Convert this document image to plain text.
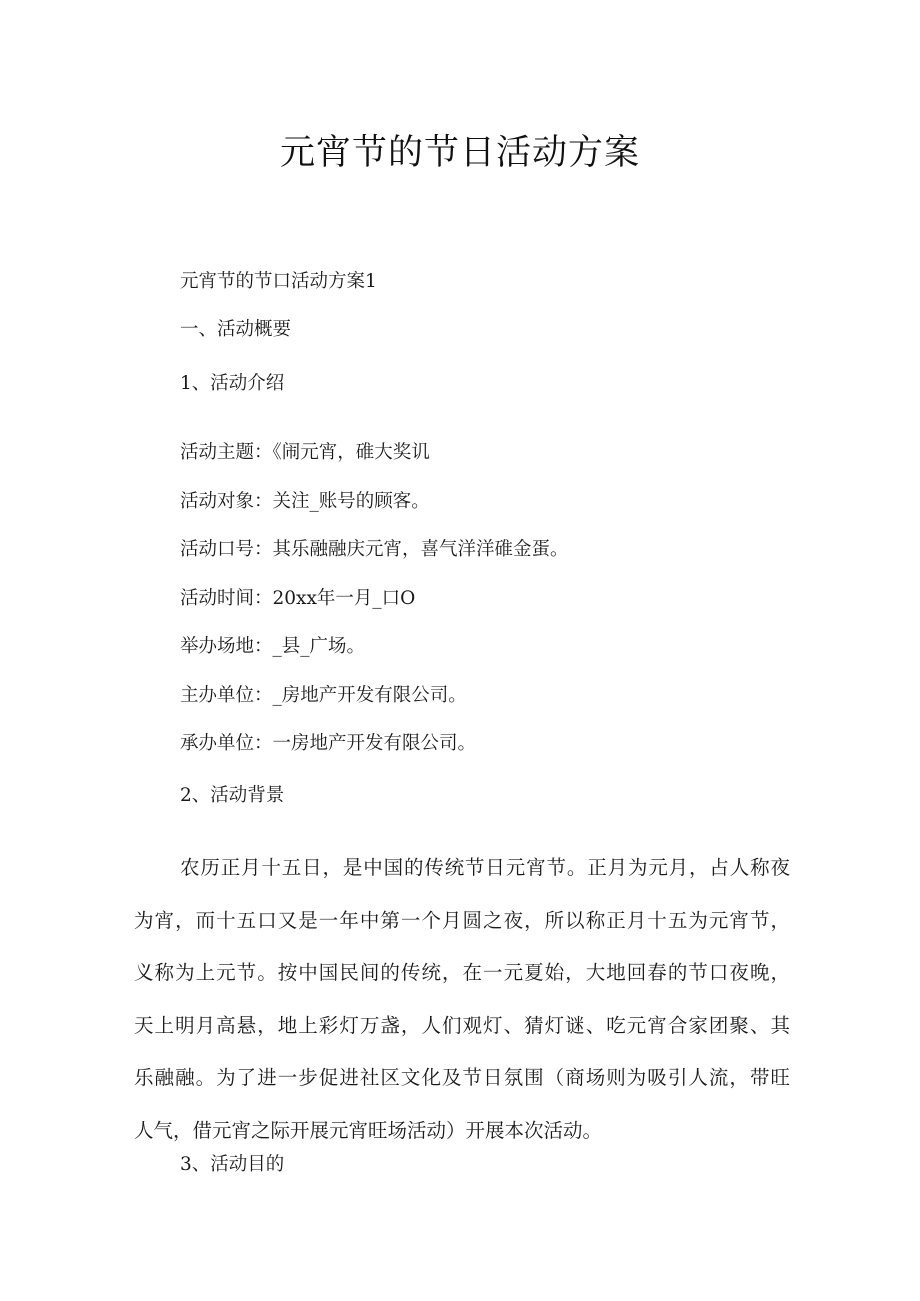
元宵节的节日活动方案

元宵节的节口活动方案1

一、活动概要

1、活动介绍

活动主题：《闹元宵，碓大奖讥

活动对象：关注_账号的顾客。

活动口号：其乐融融庆元宵，喜气洋洋碓金蛋。

活动时间：20xx年一月_口O

举办场地：_县_广场。

主办单位：_房地产开发有限公司。

承办单位：一房地产开发有限公司。

2、活动背景

农历正月十五日，是中国的传统节日元宵节。正月为元月，占人称夜
为宵，而十五口又是一年中第一个月圆之夜，所以称正月十五为元宵节，
义称为上元节。按中国民间的传统，在一元夏始，大地回春的节口夜晚，
天上明月高悬，地上彩灯万盏，人们观灯、猜灯谜、吃元宵合家团聚、其
乐融融。为了进一步促进社区文化及节日氛围（商场则为吸引人流，带旺
人气，借元宵之际开展元宵旺场活动）开展本次活动。

3、活动目的
